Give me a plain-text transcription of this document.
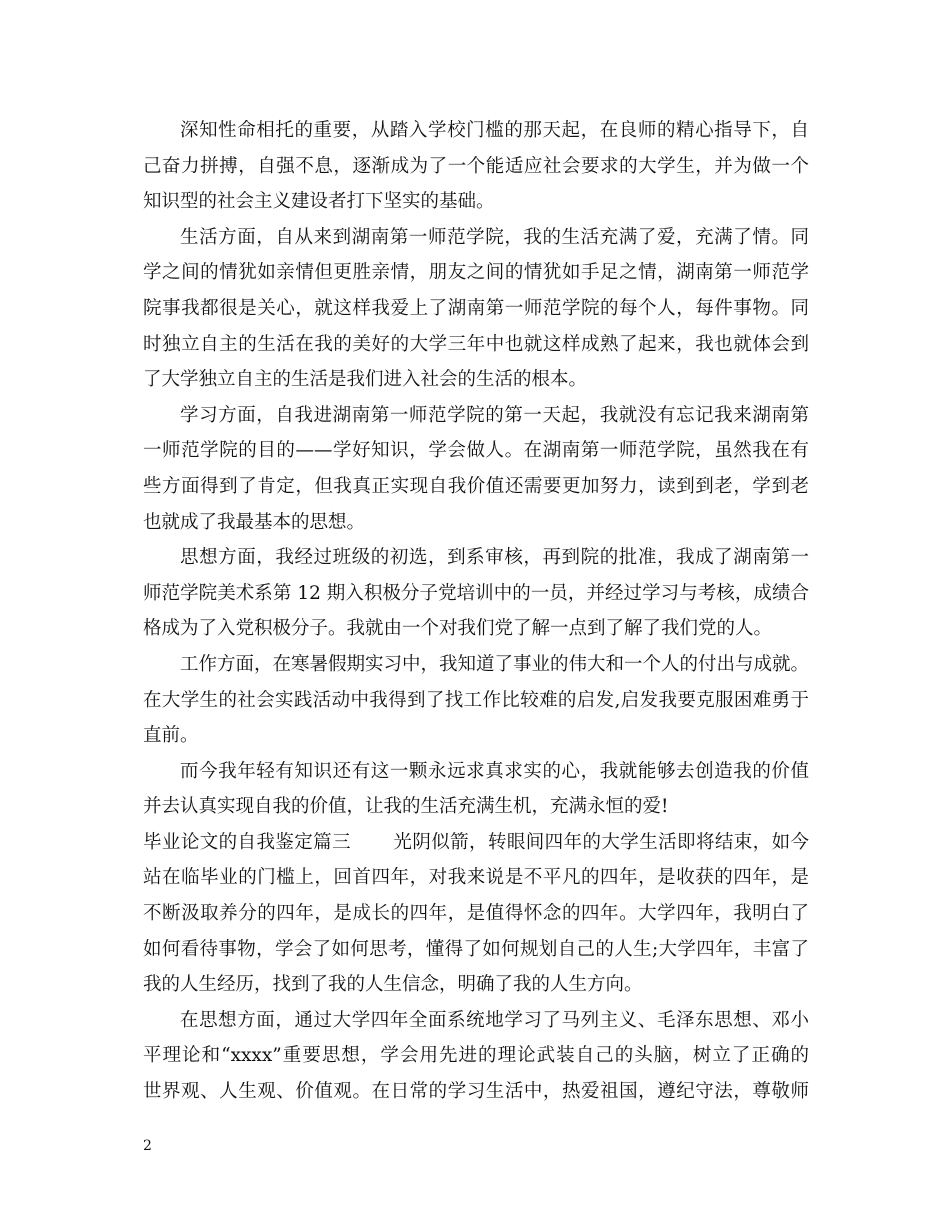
深知性命相托的重要，从踏入学校门槛的那天起，在良师的精心指导下，自
己奋力拼搏，自强不息，逐渐成为了一个能适应社会要求的大学生，并为做一个
知识型的社会主义建设者打下坚实的基础。
生活方面，自从来到湖南第一师范学院，我的生活充满了爱，充满了情。同
学之间的情犹如亲情但更胜亲情，朋友之间的情犹如手足之情，湖南第一师范学
院事我都很是关心，就这样我爱上了湖南第一师范学院的每个人，每件事物。同
时独立自主的生活在我的美好的大学三年中也就这样成熟了起来，我也就体会到
了大学独立自主的生活是我们进入社会的生活的根本。
学习方面，自我进湖南第一师范学院的第一天起，我就没有忘记我来湖南第
一师范学院的目的——学好知识，学会做人。在湖南第一师范学院，虽然我在有
些方面得到了肯定，但我真正实现自我价值还需要更加努力，读到到老，学到老
也就成了我最基本的思想。
思想方面，我经过班级的初选，到系审核，再到院的批准，我成了湖南第一
师范学院美术系第 12 期入积极分子党培训中的一员，并经过学习与考核，成绩合
格成为了入党积极分子。我就由一个对我们党了解一点到了解了我们党的人。
工作方面，在寒暑假期实习中，我知道了事业的伟大和一个人的付出与成就。
在大学生的社会实践活动中我得到了找工作比较难的启发,启发我要克服困难勇于
直前。
而今我年轻有知识还有这一颗永远求真求实的心，我就能够去创造我的价值
并去认真实现自我的价值，让我的生活充满生机，充满永恒的爱!
毕业论文的自我鉴定篇三 光阴似箭，转眼间四年的大学生活即将结束，如今
站在临毕业的门槛上，回首四年，对我来说是不平凡的四年，是收获的四年，是
不断汲取养分的四年，是成长的四年，是值得怀念的四年。大学四年，我明白了
如何看待事物，学会了如何思考，懂得了如何规划自己的人生;大学四年，丰富了
我的人生经历，找到了我的人生信念，明确了我的人生方向。
在思想方面，通过大学四年全面系统地学习了马列主义、毛泽东思想、邓小
平理论和“xxxx”重要思想，学会用先进的理论武装自己的头脑，树立了正确的
世界观、人生观、价值观。在日常的学习生活中，热爱祖国，遵纪守法，尊敬师
2
